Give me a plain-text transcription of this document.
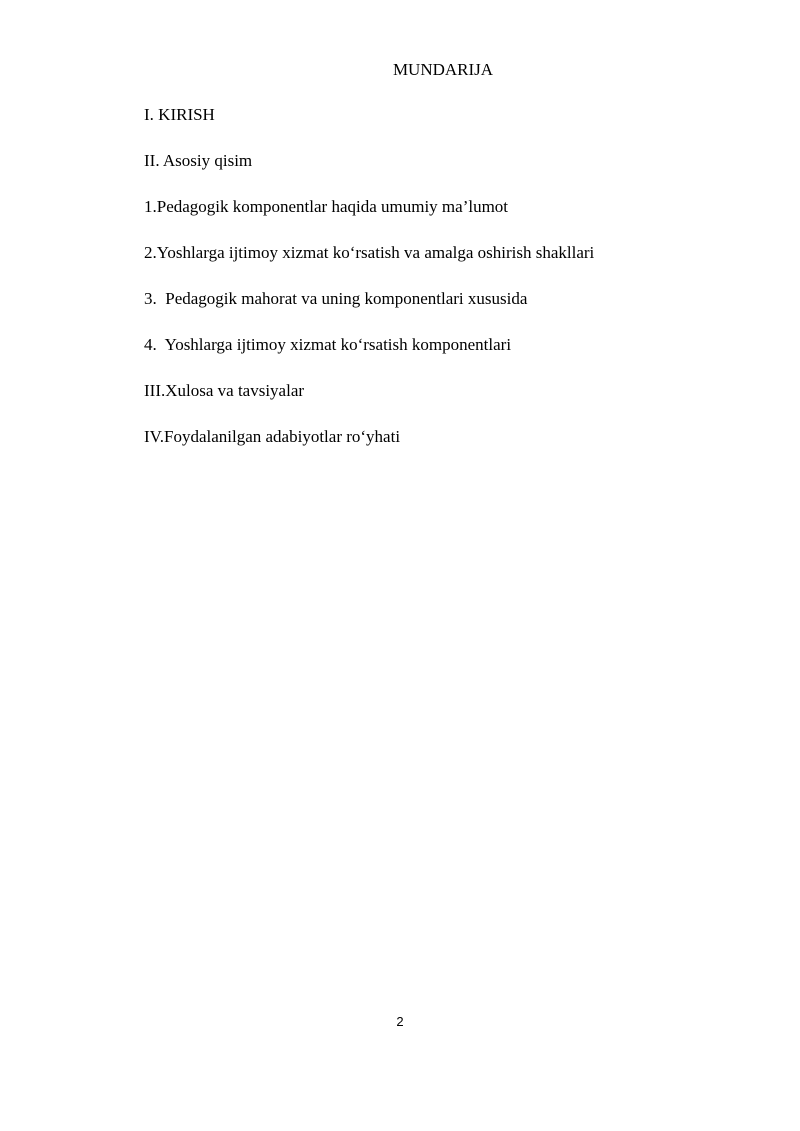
MUNDARIJA
I. KIRISH
II. Asosiy qisim
1.Pedagogik komponentlar haqida umumiy ma’lumot
2.Yoshlarga ijtimoy xizmat ko‘rsatish va amalga oshirish shakllari
3.  Pedagogik mahorat va uning komponentlari xususida
4.  Yoshlarga ijtimoy xizmat ko‘rsatish komponentlari
III.Xulosa va tavsiyalar
IV.Foydalanilgan adabiyotlar ro‘yhati
2
